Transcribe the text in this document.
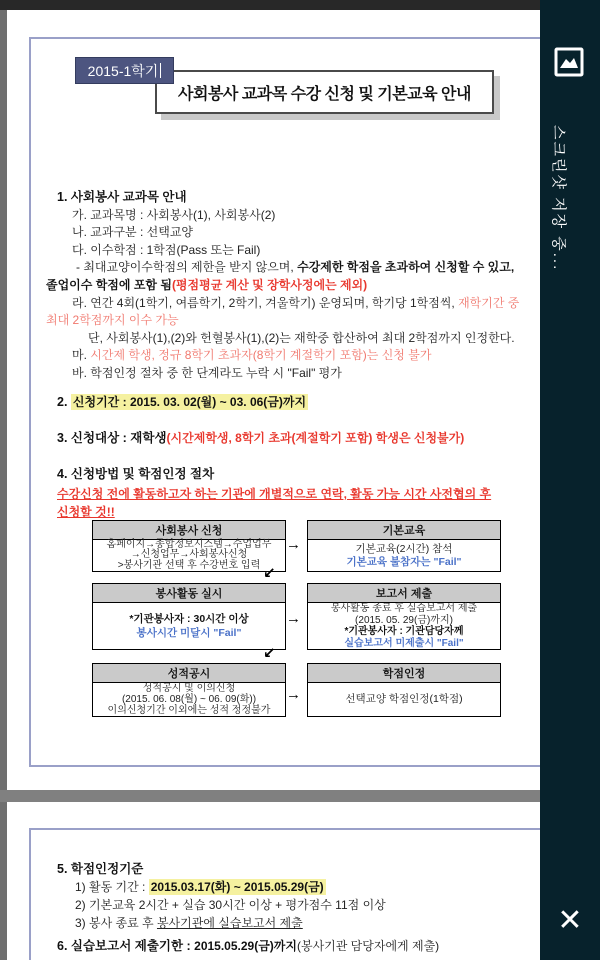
2015-1학기
사회봉사 교과목 수강 신청 및 기본교육 안내
1. 사회봉사 교과목 안내
가. 교과목명 : 사회봉사(1), 사회봉사(2)
나. 교과구분 : 선택교양
다. 이수학점 : 1학점(Pass 또는 Fail)
- 최대교양이수학점의 제한을 받지 않으며, 수강제한 학점을 초과하여 신청할 수 있고,
졸업이수 학점에 포함 됨(평점평균 계산 및 장학사정에는 제외)
라. 연간 4회(1학기, 여름학기, 2학기, 겨울학기) 운영되며, 학기당 1학점씩, 재학기간 중
최대 2학점까지 이수 가능
단, 사회봉사(1),(2)와 헌혈봉사(1),(2)는 재학중 합산하여 최대 2학점까지 인정한다.
마. 시간제 학생, 정규 8학기 초과자(8학기 계절학기 포함)는 신청 불가
바. 학점인정 절차 중 한 단계라도 누락 시 "Fail" 평가
2. 신청기간 : 2015. 03. 02(월) ~ 03. 06(금)까지
3. 신청대상 : 재학생(시간제학생, 8학기 초과(계절학기 포함) 학생은 신청불가)
4. 신청방법 및 학점인정 절차
수강신청 전에 활동하고자 하는 기관에 개별적으로 연락, 활동 가능 시간 사전협의 후
신청할 것!!
사회봉사 신청
홈페이지→종합정보시스템→수업업무
→신청업무→사회봉사신청
>봉사기관 선택 후 수강번호 입력
기본교육
기본교육(2시간) 참석
기본교육 불참자는 "Fail"
봉사활동 실시
*기관봉사자 : 30시간 이상
봉사시간 미달시 "Fail"
보고서 제출
봉사활동 종료 후 실습보고서 제출
(2015. 05. 29(금)까지)
*기관봉사자 : 기관담당자께
실습보고서 미제출시 "Fail"
성적공시
성적공시 및 이의신청
(2015. 06. 08(월) ~ 06. 09(화))
이의신청기간 이외에는 성적 정정불가
학점인정
선택교양 학점인정(1학점)
→
→
→
↙
↙
5. 학점인정기준
1) 활동 기간 : 2015.03.17(화) ~ 2015.05.29(금)
2) 기본교육 2시간 + 실습 30시간 이상 + 평가점수 11점 이상
3) 봉사 종료 후 봉사기관에 실습보고서 제출
6. 실습보고서 제출기한 : 2015.05.29(금)까지(봉사기관 담당자에게 제출)
스크린샷 저장 중...
✕
